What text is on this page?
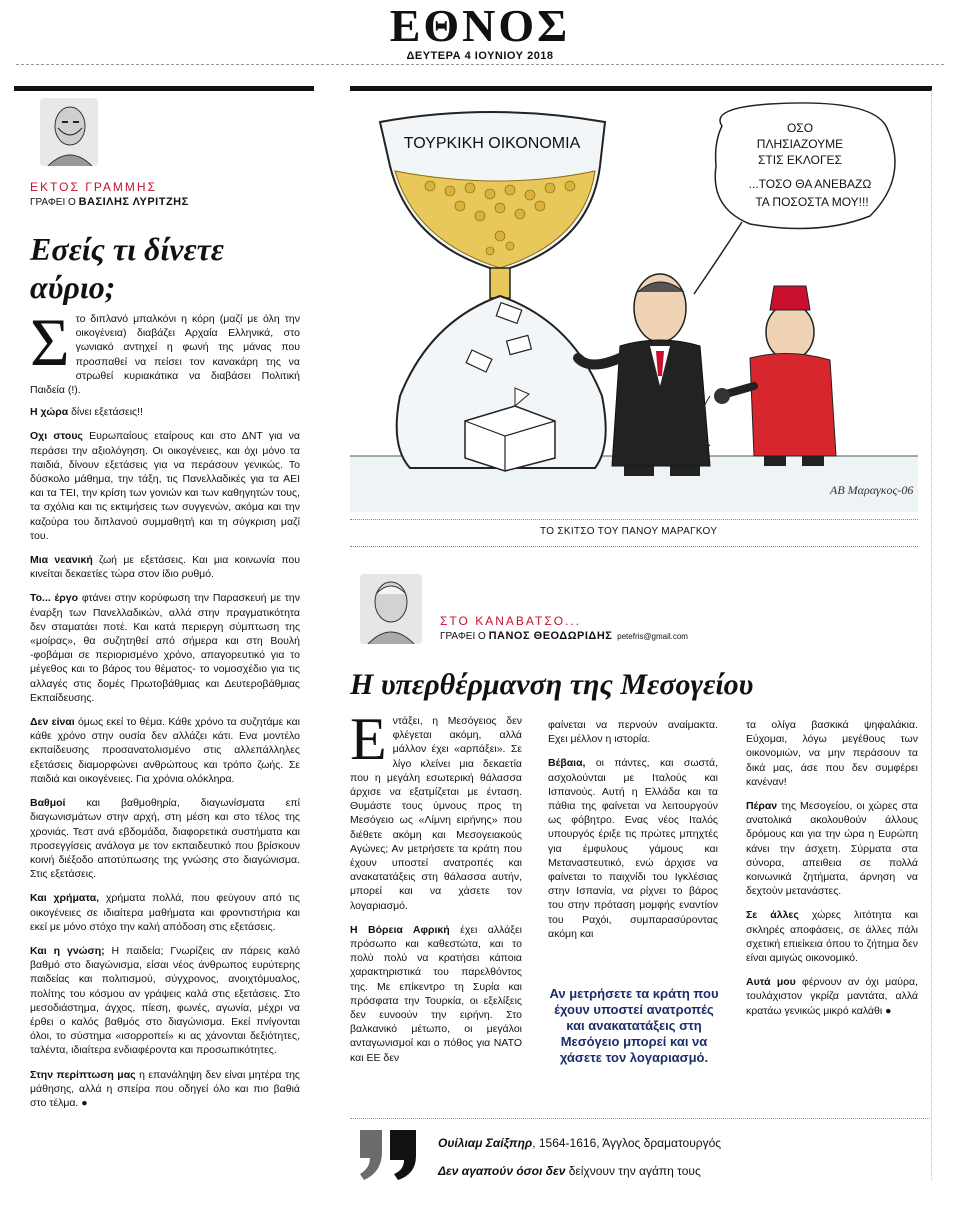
ΕΘΝΟΣ
ΔΕΥΤΕΡΑ 4 ΙΟΥΝΙΟΥ 2018
ΕΚΤΟΣ ΓΡΑΜΜΗΣ
ΓΡΑΦΕΙ Ο ΒΑΣΙΛΗΣ ΛΥΡΙΤΖΗΣ
Εσείς τι δίνετε
αύριο;

Σ το διπλανό μπαλκόνι η κόρη (μαζί με όλη την οικογένεια) διαβάζει Αρχαία Ελληνικά, στο γωνιακό αντηχεί η φωνή της μάνας που προσπαθεί να πείσει τον κανακάρη της να στρωθεί κυριακάτικα να διαβάσει Πολιτική Παιδεία (!).

Η χώρα δίνει εξετάσεις!!

Οχι στους Ευρωπαίους εταίρους και στο ΔΝΤ για να περάσει την αξιολόγηση. Οι οικογένειες, και όχι μόνο τα παιδιά, δίνουν εξετάσεις για να περάσουν γενικώς. Το δύσκολο μάθημα, την τάξη, τις Πανελλαδικές για τα ΑΕΙ και τα ΤΕΙ, την κρίση των γονιών και των καθηγητών τους, τα σχόλια και τις εκτιμήσεις των συγγενών, ακόμα και την καζούρα του διπλανού συμμαθητή και τη σύγκριση μαζί του.

Μια νεανική ζωή με εξετάσεις. Και μια κοινωνία που κινείται δεκαετίες τώρα στον ίδιο ρυθμό.

Το... έργο φτάνει στην κορύφωση την Παρασκευή με την έναρξη των Πανελλαδικών, αλλά στην πραγματικότητα δεν σταματάει ποτέ. Και κατά περιεργη σύμπτωση της «μοίρας», θα συζητηθεί από σήμερα και στη Βουλή -φοβάμαι σε περιορισμένο χρόνο, απαγορευτικό για το μέγεθος και το βάρος του θέματος- το νομοσχέδιο για τις αλλαγές στις δομές Πρωτοβάθμιας και Δευτεροβάθμιας Εκπαίδευσης.

Δεν είναι όμως εκεί το θέμα. Κάθε χρόνο τα συζητάμε και κάθε χρόνο στην ουσία δεν αλλάζει κάτι. Ενα μοντέλο εκπαίδευσης προσανατολισμένο στις αλλεπάλληλες εξετάσεις διαμορφώνει ανθρώπους και τρόπο ζωής. Σε παιδιά και οικογένειες. Για χρόνια ολόκληρα.

Βαθμοί και βαθμοθηρία, διαγωνίσματα επί διαγωνισμάτων στην αρχή, στη μέση και στο τέλος της χρονιάς. Τεστ ανά εβδομάδα, διαφορετικά συστήματα και προσεγγίσεις ανάλογα με τον εκπαιδευτικό που βρίσκουν κοινή διέξοδο αποτύπωσης της γνώσης στο διαγώνισμα. Στις εξετάσεις.

Και χρήματα, χρήματα πολλά, που φεύγουν από τις οικογένειες σε ιδιαίτερα μαθήματα και φροντιστήρια και εκεί με μόνο στόχο την καλή απόδοση στις εξετάσεις.

Και η γνώση; Η παιδεία; Γνωρίζεις αν πάρεις καλό βαθμό στο διαγώνισμα, είσαι νέος άνθρωπος ευρύτερης παιδείας και πολιτισμού, σύγχρονος, ανοιχτόμυαλος, πολίτης του κόσμου αν γράψεις καλά στις εξετάσεις. Στο μεσοδιάστημα, άγχος, πίεση, φωνές, αγωνία, μέχρι να έρθει ο καλός βαθμός στο διαγώνισμα. Εκεί πνίγονται όλοι, το σύστημα «ισορροπεί» κι ας χάνονται δεξιότητες, ταλέντα, ιδιαίτερα ενδιαφέροντα και προσωπικότητες.

Στην περίπτωση μας η επανάληψη δεν είναι μητέρα της μάθησης, αλλά η σπείρα που οδηγεί όλο και πιο βαθιά στο τέλμα. ●

ΤΟΥΡΚΙΚΗ ΟΙΚΟΝΟΜΙΑ
ΟΣΟ
ΠΛΗΣΙΑΖΟΥΜΕ
ΣΤΙΣ ΕΚΛΟΓΕΣ
...ΤΟΣΟ ΘΑ ΑΝΕΒΑΖΩ
ΤΑ ΠΟΣΟΣΤΑ ΜΟΥ!!!
ΑΒ Μαραγκος-06
ΤΟ ΣΚΙΤΣΟ ΤΟΥ ΠΑΝΟΥ ΜΑΡΑΓΚΟΥ
ΣΤΟ ΚΑΝΑΒΑΤΣΟ...
ΓΡΑΦΕΙ Ο ΠΑΝΟΣ ΘΕΟΔΩΡΙΔΗΣ petefris@gmail.com
Η υπερθέρμανση της Μεσογείου

Ε ντάξει, η Μεσόγειος δεν φλέγεται ακόμη, αλλά μάλλον έχει «αρπάξει». Σε λίγο κλείνει μια δεκαετία που η μεγάλη εσωτερική θάλασσα άρχισε να εξατμίζεται με ένταση. Θυμάστε τους ύμνους προς τη Μεσόγειο ως «Λίμνη ειρήνης» που διέθετε ακόμη και Μεσογειακούς Αγώνες; Αν μετρήσετε τα κράτη που έχουν υποστεί ανατροπές και ανακατατάξεις στη θάλασσα αυτήν, μπορεί και να χάσετε τον λογαριασμό.

Η Βόρεια Αφρική έχει αλλάξει πρόσωπο και καθεστώτα, και το πολύ πολύ να κρατήσει κάποια χαρακτηριστικά του παρελθόντος της. Με επίκεντρο τη Συρία και πρόσφατα την Τουρκία, οι εξελίξεις δεν ευνοούν την ειρήνη. Στο βαλκανικό μέτωπο, οι μεγάλοι ανταγωνισμοί και ο πόθος για ΝΑΤΟ και ΕΕ δεν

φαίνεται να περνούν αναίμακτα. Εχει μέλλον η ιστορία.

Βέβαια, οι πάντες, και σωστά, ασχολούνται με Ιταλούς και Ισπανούς. Αυτή η Ελλάδα και τα πάθια της φαίνεται να λειτουργούν ως φόβητρο. Ενας νέος Ιταλός υπουργός έριξε τις πρώτες μπηχτές για έμφυλους γάμους και Μεταναστευτικό, ενώ άρχισε να φαίνεται το παιχνίδι του Ιγκλέσιας στην Ισπανία, να ρίχνει το βάρος του στην πρόταση μομφής εναντίον του Ραχόι, συμπαρασύροντας ακόμη και

Αν μετρήσετε τα κράτη που έχουν υποστεί ανατροπές και ανακατατάξεις στη Μεσόγειο μπορεί και να χάσετε τον λογαριασμό.

τα ολίγα βασκικά ψηφαλάκια. Εύχομαι, λόγω μεγέθους των οικονομιών, να μην περάσουν τα δικά μας, άσε που δεν συμφέρει κανέναν!

Πέραν της Μεσογείου, οι χώρες στα ανατολικά ακολουθούν άλλους δρόμους και για την ώρα η Ευρώπη κάνει την άσχετη. Σύρματα στα σύνορα, απειθεια σε πολλά κοινωνικά ζητήματα, άρνηση να δεχτούν μετανάστες.

Σε άλλες χώρες λιτότητα και σκληρές αποφάσεις, σε άλλες πάλι σχετική επιείκεια όπου το ζήτημα δεν είναι αμιγώς οικονομικό.

Αυτά μου φέρνουν αν όχι μαύρα, τουλάχιστον γκρίζα μαντάτα, αλλά κρατάω γενικώς μικρό καλάθι ●

Ουίλιαμ Σαίξπηρ, 1564-1616, Άγγλος δραματουργός
Δεν αγαπούν όσοι δεν δείχνουν την αγάπη τους
